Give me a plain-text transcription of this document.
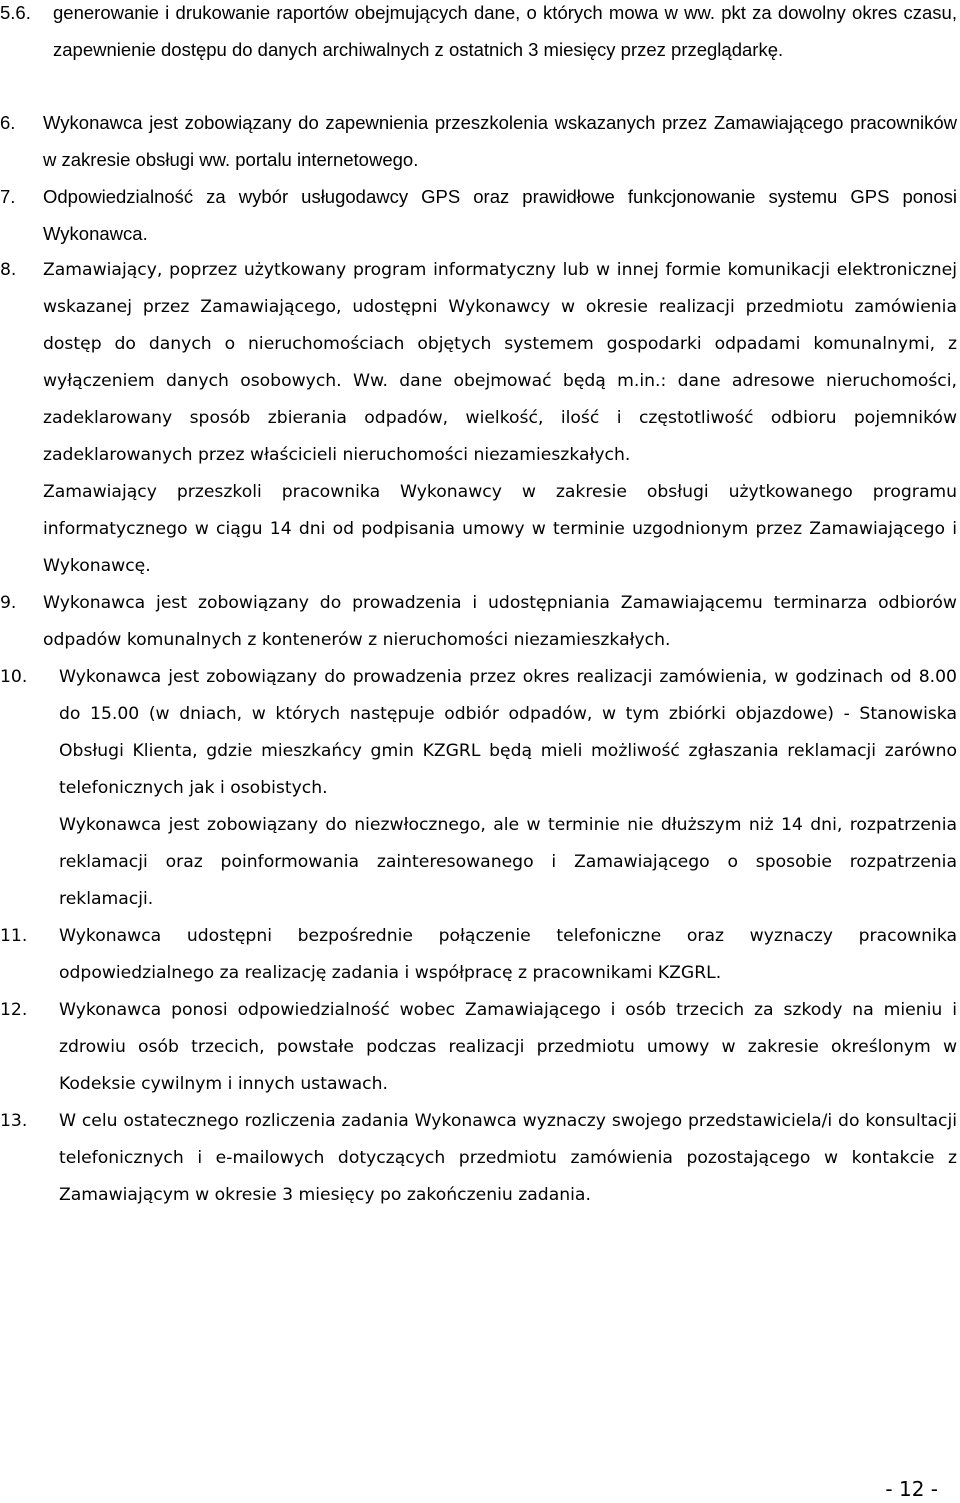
5.6. generowanie i drukowanie raportów obejmujących dane, o których mowa w ww. pkt za dowolny okres czasu, zapewnienie dostępu do danych archiwalnych z ostatnich 3 miesięcy przez przeglądarkę.
6. Wykonawca jest zobowiązany do zapewnienia przeszkolenia wskazanych przez Zamawiającego pracowników w zakresie obsługi ww. portalu internetowego.
7. Odpowiedzialność za wybór usługodawcy GPS oraz prawidłowe funkcjonowanie systemu GPS ponosi Wykonawca.
8. Zamawiający, poprzez użytkowany program informatyczny lub w innej formie komunikacji elektronicznej wskazanej przez Zamawiającego, udostępni Wykonawcy w okresie realizacji przedmiotu zamówienia dostęp do danych o nieruchomościach objętych systemem gospodarki odpadami komunalnymi, z wyłączeniem danych osobowych. Ww. dane obejmować będą m.in.: dane adresowe nieruchomości, zadeklarowany sposób zbierania odpadów, wielkość, ilość i częstotliwość odbioru pojemników zadeklarowanych przez właścicieli nieruchomości niezamieszkałych.
Zamawiający przeszkoli pracownika Wykonawcy w zakresie obsługi użytkowanego programu informatycznego w ciągu 14 dni od podpisania umowy w terminie uzgodnionym przez Zamawiającego i Wykonawcę.
9. Wykonawca jest zobowiązany do prowadzenia i udostępniania Zamawiającemu terminarza odbiorów odpadów komunalnych z kontenerów z nieruchomości niezamieszkałych.
10. Wykonawca jest zobowiązany do prowadzenia przez okres realizacji zamówienia, w godzinach od 8.00 do 15.00 (w dniach, w których następuje odbiór odpadów, w tym zbiórki objazdowe) - Stanowiska Obsługi Klienta, gdzie mieszkańcy gmin KZGRL będą mieli możliwość zgłaszania reklamacji zarówno telefonicznych jak i osobistych.
Wykonawca jest zobowiązany do niezwłocznego, ale w terminie nie dłuższym niż 14 dni, rozpatrzenia reklamacji oraz poinformowania zainteresowanego i Zamawiającego o sposobie rozpatrzenia reklamacji.
11. Wykonawca udostępni bezpośrednie połączenie telefoniczne oraz wyznaczy pracownika odpowiedzialnego za realizację zadania i współpracę z pracownikami KZGRL.
12. Wykonawca ponosi odpowiedzialność wobec Zamawiającego i osób trzecich za szkody na mieniu i zdrowiu osób trzecich, powstałe podczas realizacji przedmiotu umowy w zakresie określonym w Kodeksie cywilnym i innych ustawach.
13. W celu ostatecznego rozliczenia zadania Wykonawca wyznaczy swojego przedstawiciela/i do konsultacji telefonicznych i e-mailowych dotyczących przedmiotu zamówienia pozostającego w kontakcie z Zamawiającym w okresie 3 miesięcy po zakończeniu zadania.
- 12 -
